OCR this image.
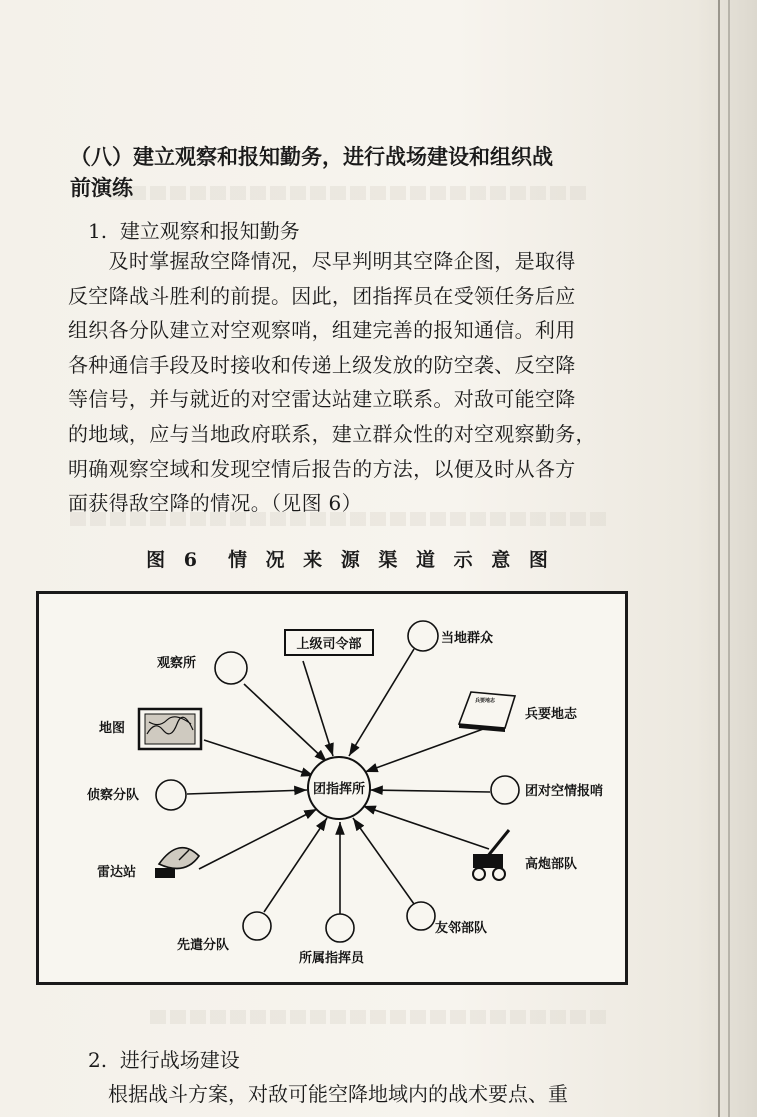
（八）建立观察和报知勤务，进行战场建设和组织战
前演练
1. 建立观察和报知勤务
　　及时掌握敌空降情况，尽早判明其空降企图，是取得
反空降战斗胜利的前提。因此，团指挥员在受领任务后应
组织各分队建立对空观察哨，组建完善的报知通信。利用
各种通信手段及时接收和传递上级发放的防空袭、反空降
等信号，并与就近的对空雷达站建立联系。对敌可能空降
的地域，应与当地政府联系，建立群众性的对空观察勤务，
明确观察空域和发现空情后报告的方法，以便及时从各方
面获得敌空降的情况。（见图 6）
图 6　情 况 来 源 渠 道 示 意 图
团指挥所
上级司令部
观察所
当地群众
地图
兵要地志
兵要地志
侦察分队	团对空情报哨
雷达站
高炮部队
先遣分队
所属指挥员
友邻部队
2. 进行战场建设
　　根据战斗方案，对敌可能空降地域内的战术要点、重
